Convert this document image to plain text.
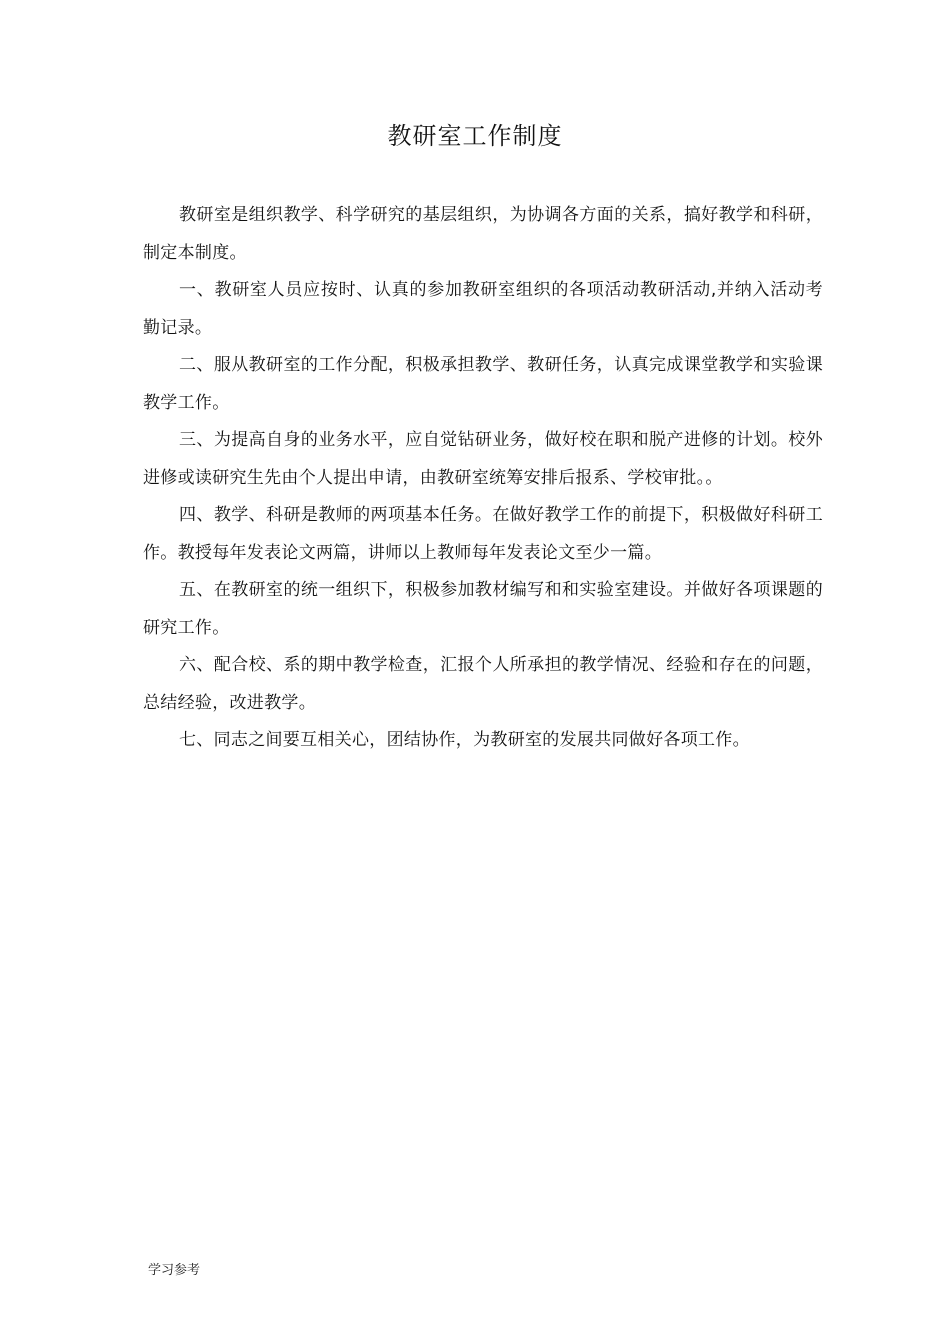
教研室工作制度

教研室是组织教学、科学研究的基层组织，为协调各方面的关系，搞好教学和科研，制定本制度。

一、教研室人员应按时、认真的参加教研室组织的各项活动教研活动,并纳入活动考勤记录。

二、服从教研室的工作分配，积极承担教学、教研任务，认真完成课堂教学和实验课教学工作。

三、为提高自身的业务水平，应自觉钻研业务，做好校在职和脱产进修的计划。校外进修或读研究生先由个人提出申请，由教研室统筹安排后报系、学校审批。。

四、教学、科研是教师的两项基本任务。在做好教学工作的前提下，积极做好科研工作。教授每年发表论文两篇，讲师以上教师每年发表论文至少一篇。

五、在教研室的统一组织下，积极参加教材编写和和实验室建设。并做好各项课题的研究工作。

六、配合校、系的期中教学检查，汇报个人所承担的教学情况、经验和存在的问题，总结经验，改进教学。

七、同志之间要互相关心，团结协作，为教研室的发展共同做好各项工作。

学习参考
